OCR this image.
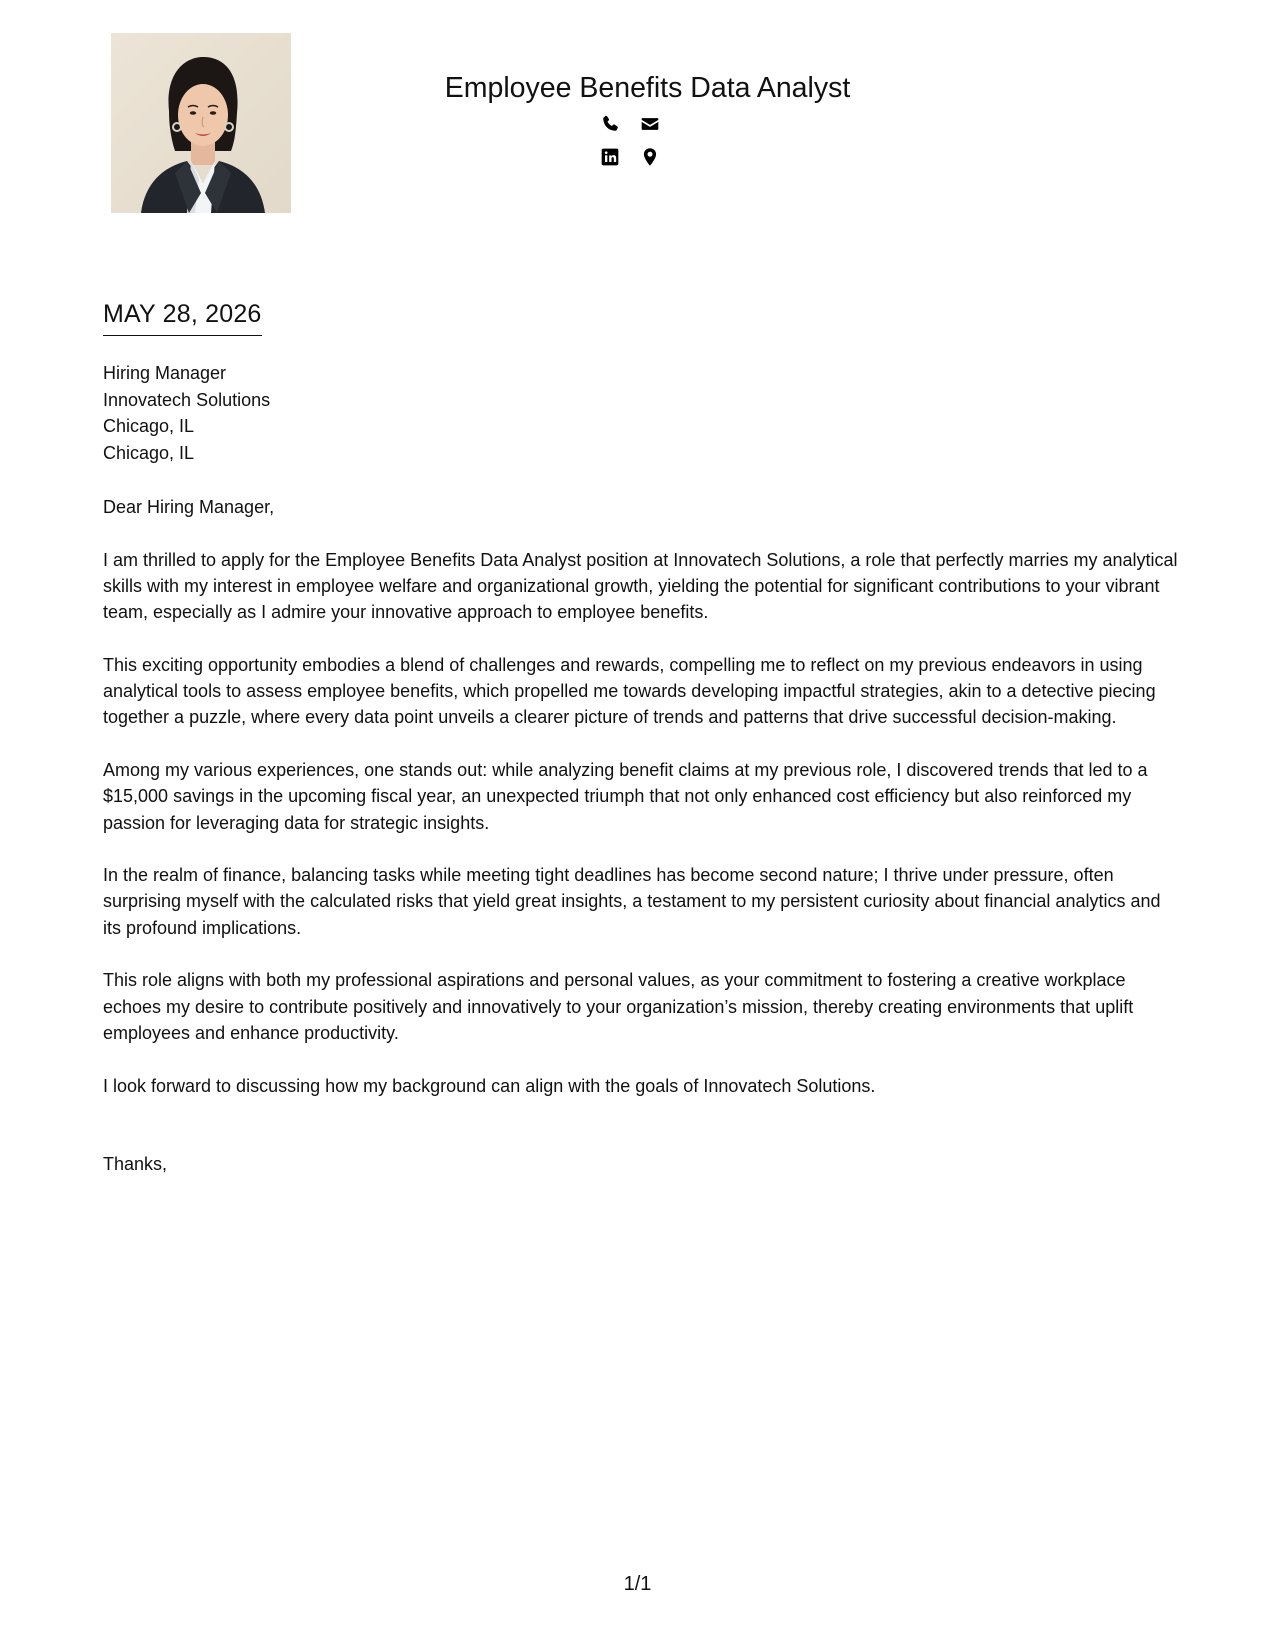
Employee Benefits Data Analyst
MAY 28, 2026
Hiring Manager
Innovatech Solutions
Chicago, IL
Chicago, IL

Dear Hiring Manager,

I am thrilled to apply for the Employee Benefits Data Analyst position at Innovatech Solutions, a role that perfectly marries my analytical skills with my interest in employee welfare and organizational growth, yielding the potential for significant contributions to your vibrant team, especially as I admire your innovative approach to employee benefits.

This exciting opportunity embodies a blend of challenges and rewards, compelling me to reflect on my previous endeavors in using analytical tools to assess employee benefits, which propelled me towards developing impactful strategies, akin to a detective piecing together a puzzle, where every data point unveils a clearer picture of trends and patterns that drive successful decision-making.

Among my various experiences, one stands out: while analyzing benefit claims at my previous role, I discovered trends that led to a $15,000 savings in the upcoming fiscal year, an unexpected triumph that not only enhanced cost efficiency but also reinforced my passion for leveraging data for strategic insights.

In the realm of finance, balancing tasks while meeting tight deadlines has become second nature; I thrive under pressure, often surprising myself with the calculated risks that yield great insights, a testament to my persistent curiosity about financial analytics and its profound implications.

This role aligns with both my professional aspirations and personal values, as your commitment to fostering a creative workplace echoes my desire to contribute positively and innovatively to your organization’s mission, thereby creating environments that uplift employees and enhance productivity.

I look forward to discussing how my background can align with the goals of Innovatech Solutions.

Thanks,

1/1
